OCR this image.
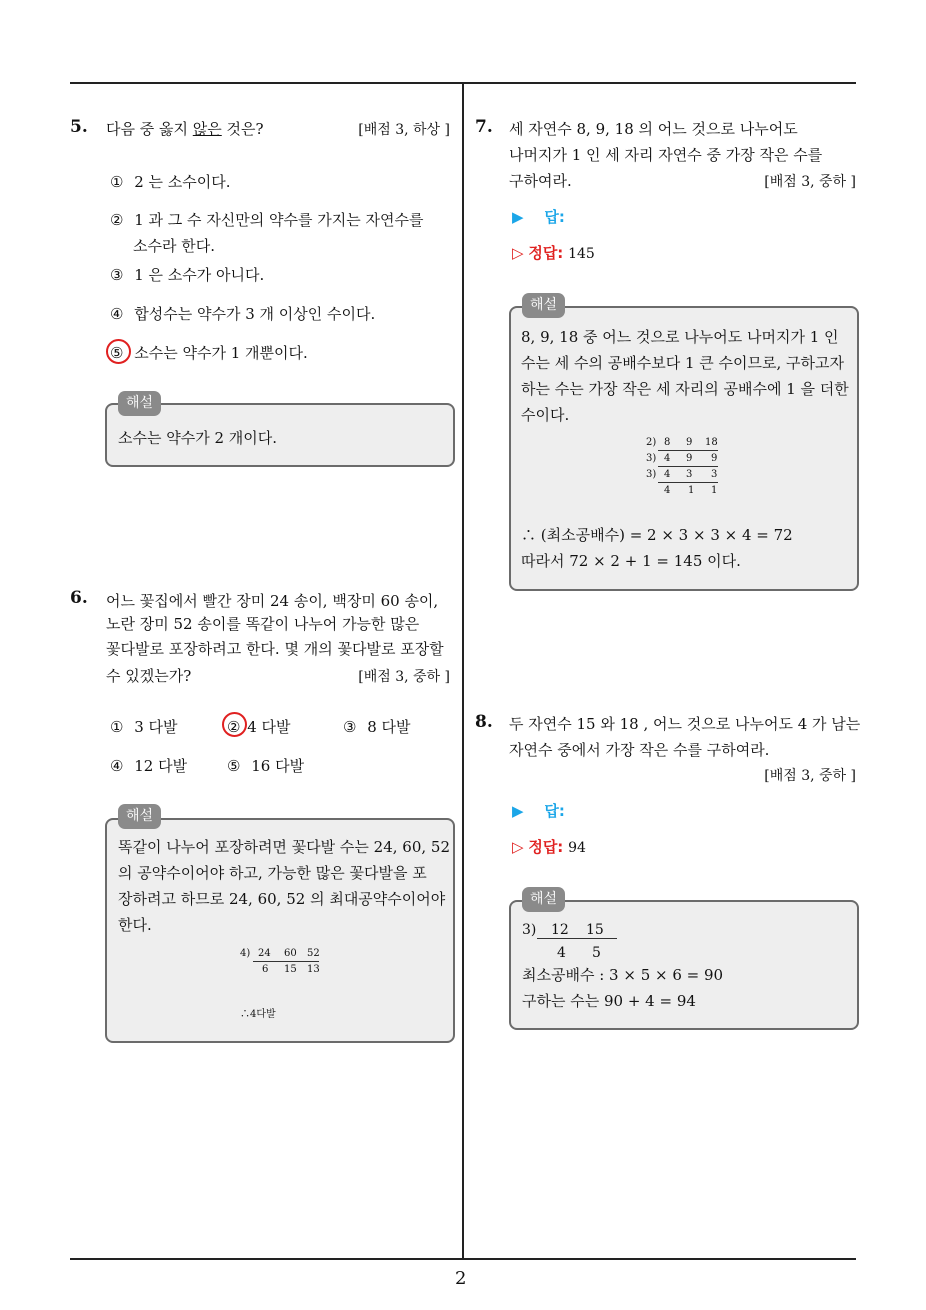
2
5. 다음 중 옳지 않은 것은?	[배점 3, 하상 ]
① 2 는 소수이다.
② 1 과 그 수 자신만의 약수를 가지는 자연수를
소수라 한다.
③ 1 은 소수가 아니다.
④ 합성수는 약수가 3 개 이상인 수이다.
⑤ 소수는 약수가 1 개뿐이다.
해설
소수는 약수가 2 개이다.
6. 어느 꽃집에서 빨간 장미 24 송이, 백장미 60 송이,
노란 장미 52 송이를 똑같이 나누어 가능한 많은
꽃다발로 포장하려고 한다. 몇 개의 꽃다발로 포장할
수 있겠는가?	[배점 3, 중하 ]
① 3 다발	② 4 다발	③ 8 다발
④ 12 다발	⑤ 16 다발
해설
똑같이 나누어 포장하려면 꽃다발 수는 24, 60, 52
의 공약수이어야 하고, 가능한 많은 꽃다발을 포
장하려고 하므로 24, 60, 52 의 최대공약수이어야
한다.
4) 24 60 52
6 15 13
∴4다발
7. 세 자연수 8, 9, 18 의 어느 것으로 나누어도
나머지가 1 인 세 자리 자연수 중 가장 작은 수를
구하여라.	[배점 3, 중하 ]
▶ 답:
▷ 정답: 145
해설
8, 9, 18 중 어느 것으로 나누어도 나머지가 1 인
수는 세 수의 공배수보다 1 큰 수이므로, 구하고자
하는 수는 가장 작은 세 자리의 공배수에 1 을 더한
수이다.
2) 8 9 18
3) 4 9 9
3) 4 3 3
4 1 1
∴ (최소공배수) = 2 × 3 × 3 × 4 = 72
따라서 72 × 2 + 1 = 145 이다.
8. 두 자연수 15 와 18 , 어느 것으로 나누어도 4 가 남는
자연수 중에서 가장 작은 수를 구하여라.
[배점 3, 중하 ]
▶ 답:
▷ 정답: 94
해설
3) 12 15
4 5
최소공배수 : 3 × 5 × 6 = 90
구하는 수는 90 + 4 = 94
